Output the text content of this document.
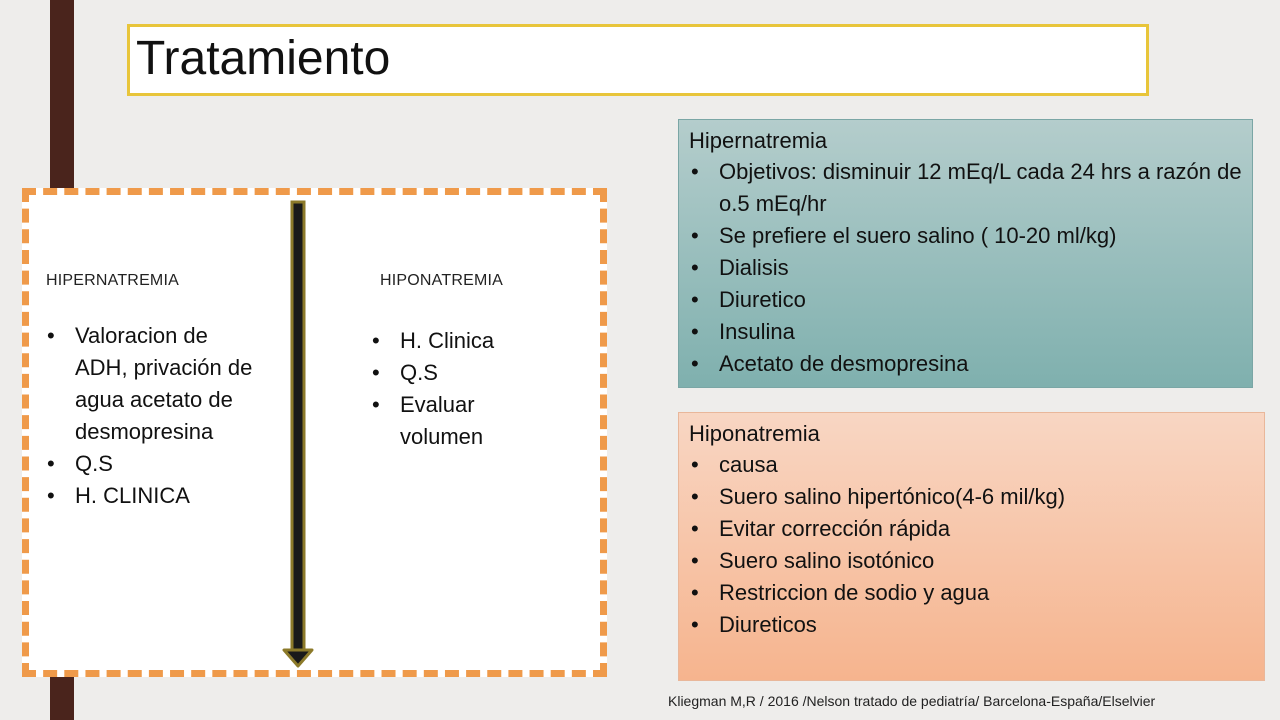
Tratamiento
HIPERNATREMIA
• Valoracion de ADH, privación de agua acetato de desmopresina
• Q.S
• H. CLINICA
HIPONATREMIA
• H. Clinica
• Q.S
• Evaluar volumen
Hipernatremia
• Objetivos: disminuir 12 mEq/L cada 24 hrs a razón de o.5 mEq/hr
• Se prefiere el suero salino ( 10-20 ml/kg)
• Dialisis
• Diuretico
• Insulina
• Acetato de desmopresina
Hiponatremia
• causa
• Suero salino hipertónico(4-6 mil/kg)
• Evitar corrección rápida
• Suero salino isotónico
• Restriccion de sodio y agua
• Diureticos
Kliegman M,R / 2016 /Nelson tratado de pediatría/ Barcelona-España/Elselvier
